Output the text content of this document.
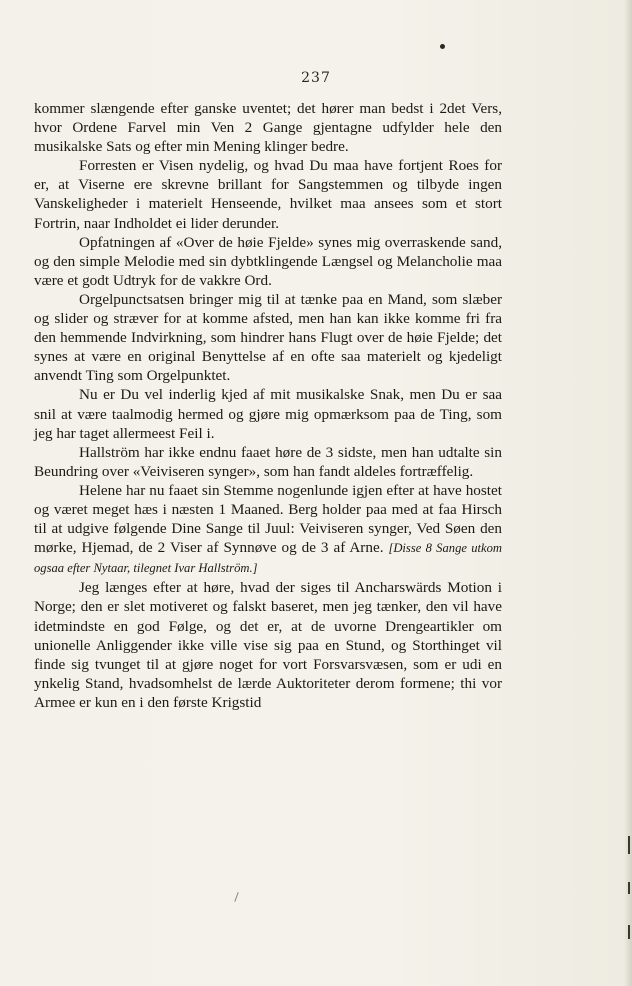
237

kommer slængende efter ganske uventet; det hører man bedst i 2det Vers, hvor Ordene Farvel min Ven 2 Gange gjentagne udfylder hele den musikalske Sats og efter min Mening klinger bedre.

Forresten er Visen nydelig, og hvad Du maa have fortjent Roes for er, at Viserne ere skrevne brillant for Sangstemmen og tilbyde ingen Vanskeligheder i materielt Henseende, hvilket maa ansees som et stort Fortrin, naar Indholdet ei lider derunder.

Opfatningen af «Over de høie Fjelde» synes mig overraskende sand, og den simple Melodie med sin dybtklingende Længsel og Melancholie maa være et godt Udtryk for de vakkre Ord.

Orgelpunctsatsen bringer mig til at tænke paa en Mand, som slæber og slider og stræver for at komme afsted, men han kan ikke komme fri fra den hemmende Indvirkning, som hindrer hans Flugt over de høie Fjelde; det synes at være en original Benyttelse af en ofte saa materielt og kjedeligt anvendt Ting som Orgelpunktet.

Nu er Du vel inderlig kjed af mit musikalske Snak, men Du er saa snil at være taalmodig hermed og gjøre mig opmærksom paa de Ting, som jeg har taget allermeest Feil i.

Hallström har ikke endnu faaet høre de 3 sidste, men han udtalte sin Beundring over «Veiviseren synger», som han fandt aldeles fortræffelig.

Helene har nu faaet sin Stemme nogenlunde igjen efter at have hostet og været meget hæs i næsten 1 Maaned. Berg holder paa med at faa Hirsch til at udgive følgende Dine Sange til Juul: Veiviseren synger, Ved Søen den mørke, Hjemad, de 2 Viser af Synnøve og de 3 af Arne. [Disse 8 Sange utkom ogsaa efter Nytaar, tilegnet Ivar Hallström.]

Jeg længes efter at høre, hvad der siges til Ancharswärds Motion i Norge; den er slet motiveret og falskt baseret, men jeg tænker, den vil have idetmindste en god Følge, og det er, at de uvorne Drengeartikler om unionelle Anliggender ikke ville vise sig paa en Stund, og Storthinget vil finde sig tvunget til at gjøre noget for vort Forsvarsvæsen, som er udi en ynkelig Stand, hvadsomhelst de lærde Auktoriteter derom formene; thi vor Armee er kun en i den første Krigstid
